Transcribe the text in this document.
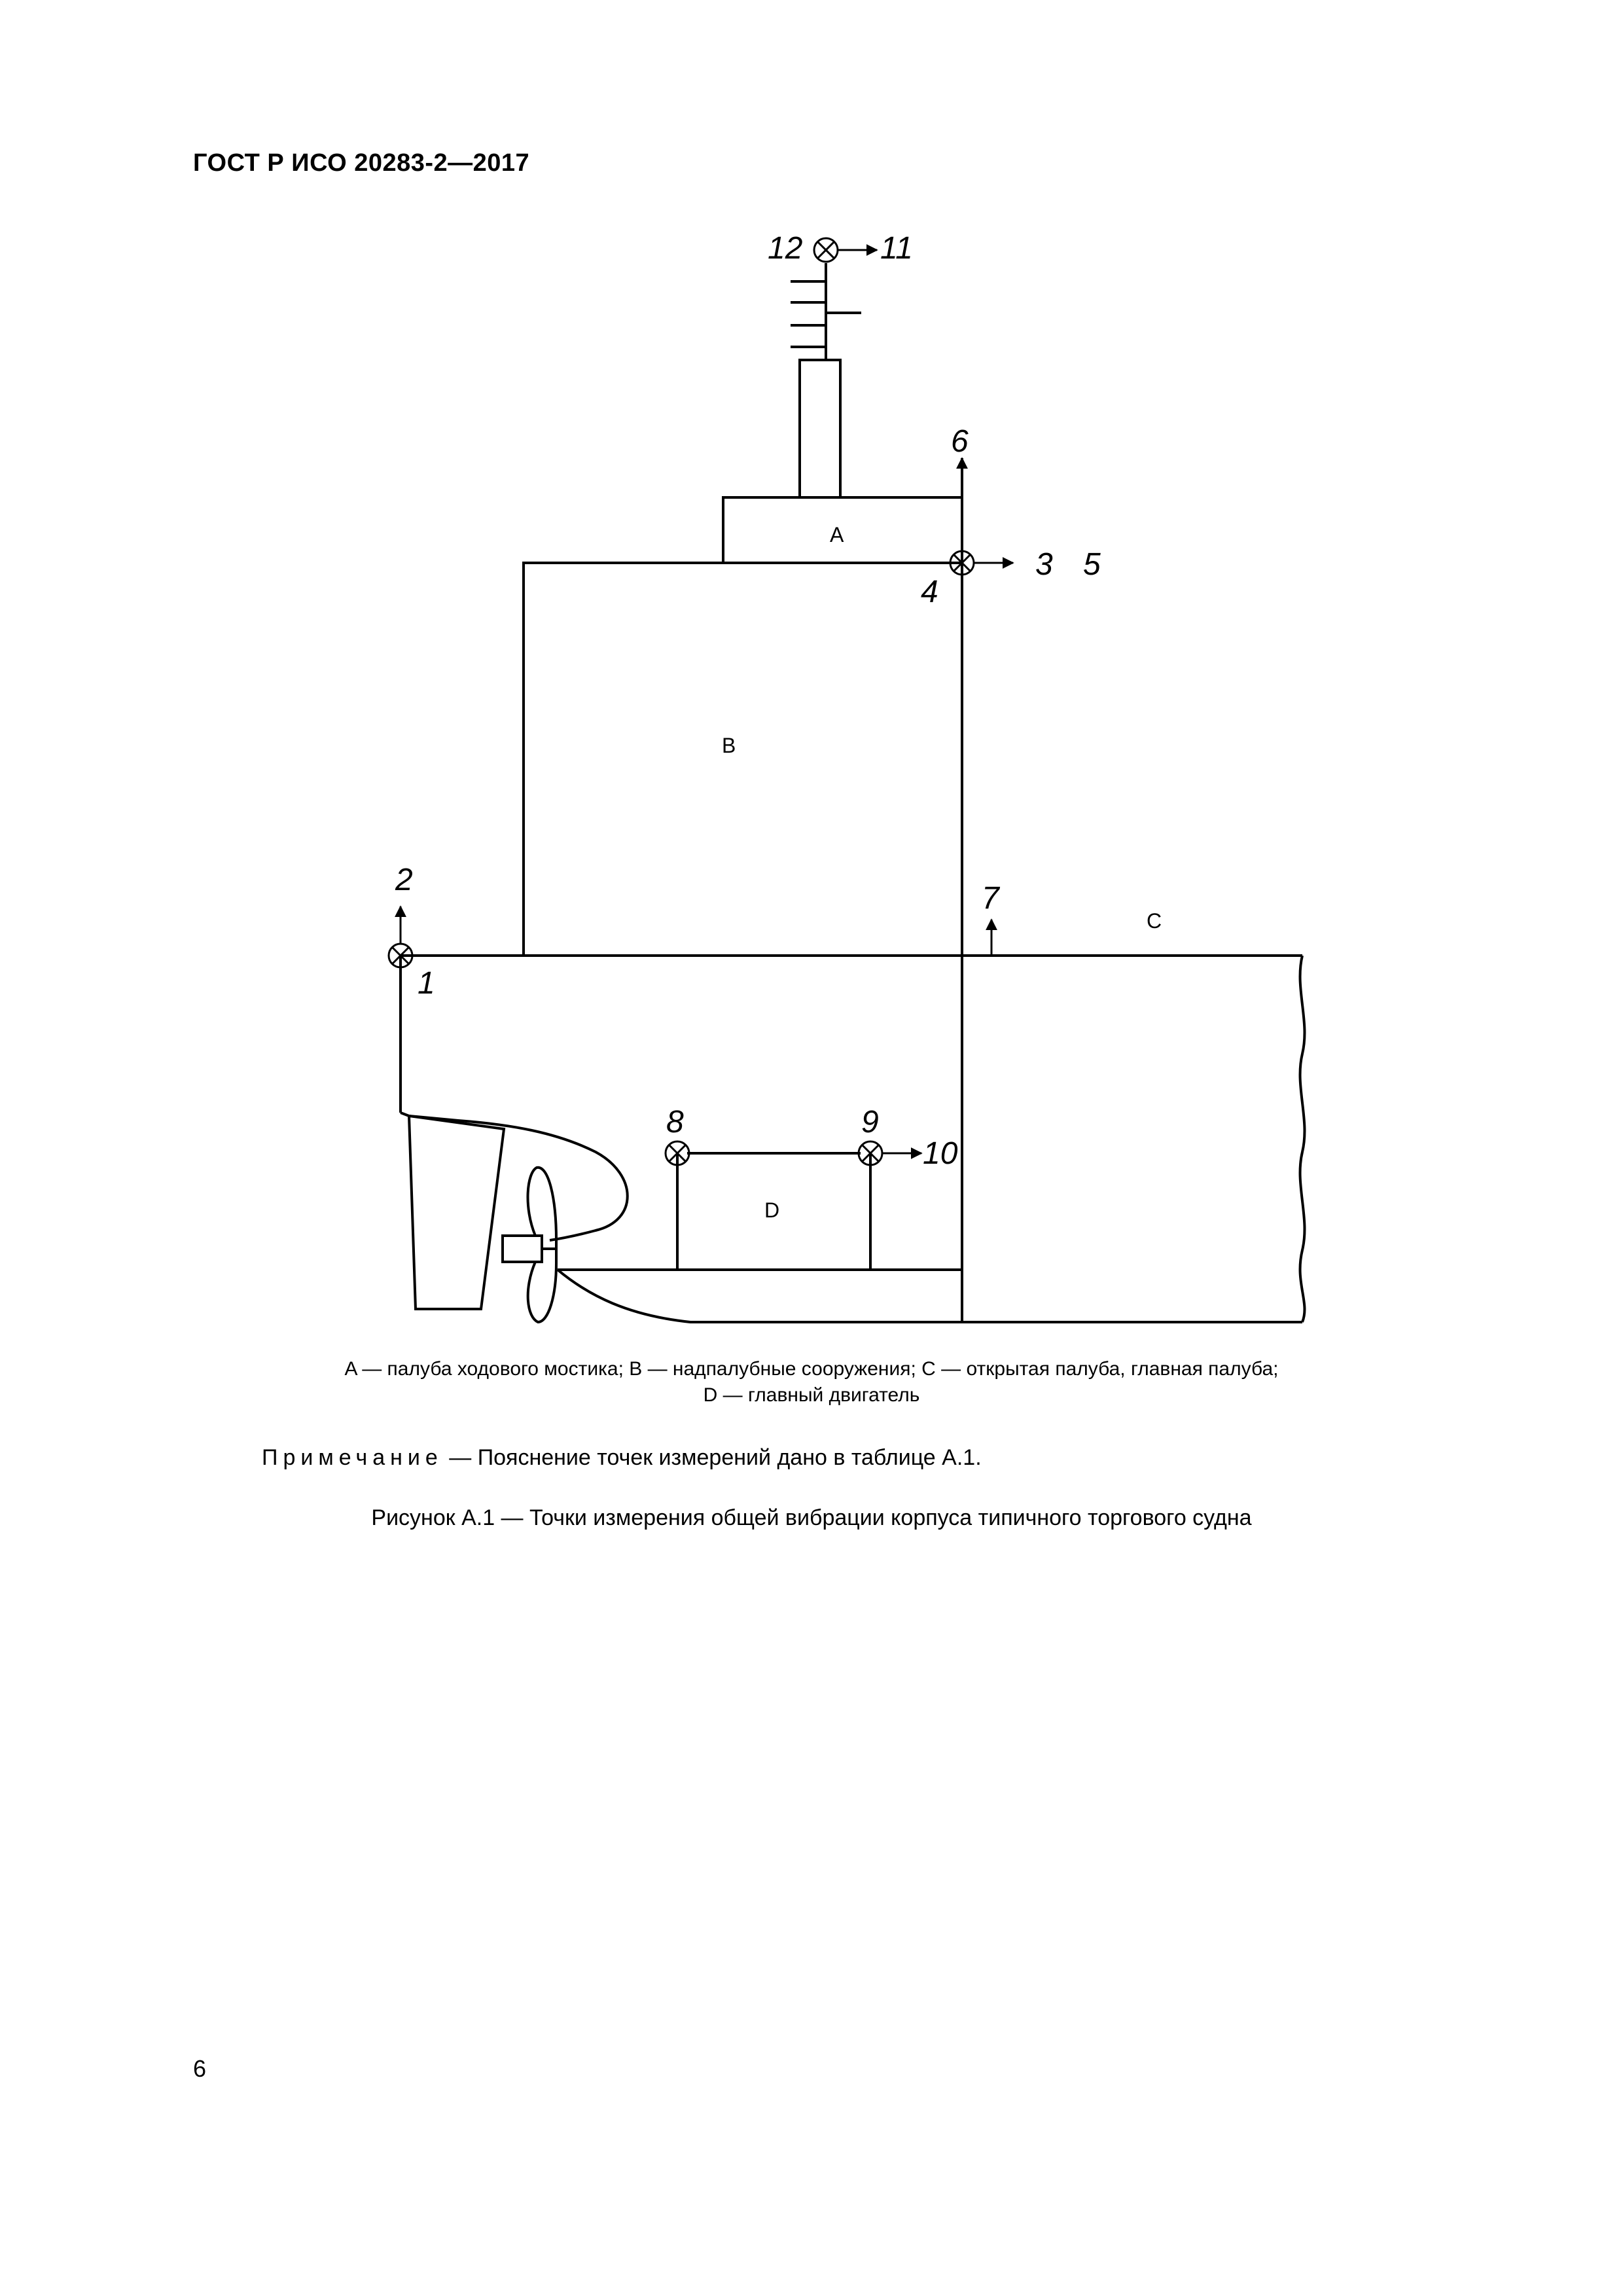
ГОСТ Р ИСО 20283-2—2017
12 11
6
3 5
4
2
1
7
8	9
10
A
B
C
D
A — палуба ходового мостика; B — надпалубные сооружения; C — открытая палуба, главная палуба;
D — главный двигатель
Примечание — Пояснение точек измерений дано в таблице А.1.
Рисунок А.1 — Точки измерения общей вибрации корпуса типичного торгового судна
6
